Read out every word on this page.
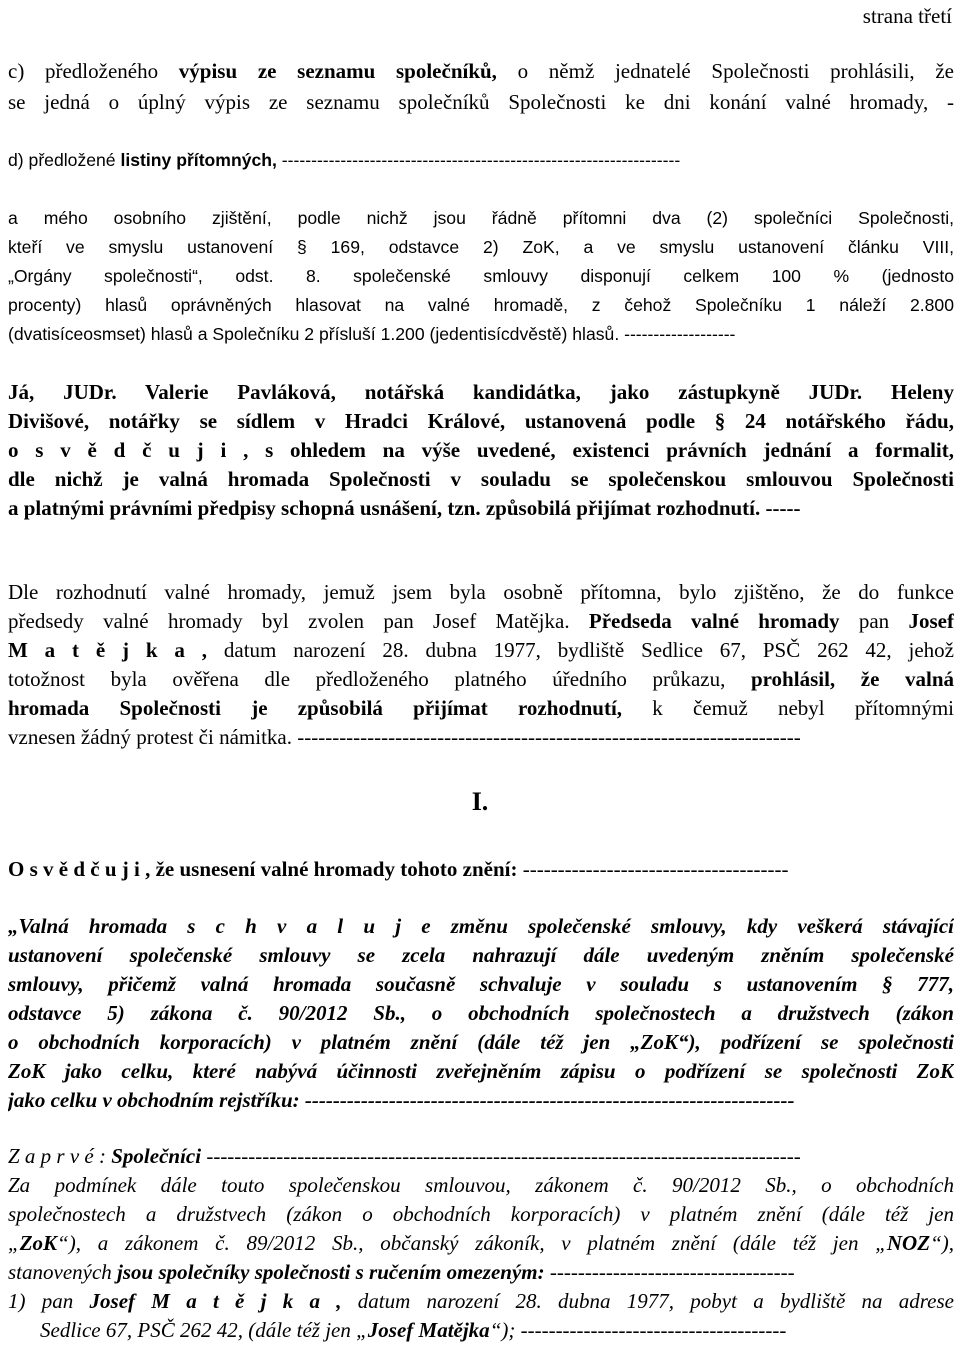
strana třetí
c) předloženého výpisu ze seznamu společníků, o němž jednatelé Společnosti prohlásili, že
se jedná o úplný výpis ze seznamu společníků Společnosti ke dni konání valné hromady, -
d) předložené listiny přítomných, --------------------------------------------------------------------
a mého osobního zjištění, podle nichž jsou řádně přítomni dva (2) společníci Společnosti,
kteří ve smyslu ustanovení § 169, odstavce 2) ZoK, a ve smyslu ustanovení článku VIII,
„Orgány společnosti“, odst. 8. společenské smlouvy disponují celkem 100 % (jednosto
procenty) hlasů oprávněných hlasovat na valné hromadě, z čehož Společníku 1 náleží 2.800
(dvatisíceosmset) hlasů a Společníku 2 přísluší 1.200 (jedentisícdvěstě) hlasů. -------------------
Já, JUDr. Valerie Pavláková, notářská kandidátka, jako zástupkyně JUDr. Heleny
Divišové, notářky se sídlem v Hradci Králové, ustanovená podle § 24 notářského řádu,
o s v ě d č u j i , s ohledem na výše uvedené, existenci právních jednání a formalit,
dle nichž je valná hromada Společnosti v souladu se společenskou smlouvou Společnosti
a platnými právními předpisy schopná usnášení, tzn. způsobilá přijímat rozhodnutí. -----
Dle rozhodnutí valné hromady, jemuž jsem byla osobně přítomna, bylo zjištěno, že do funkce
předsedy valné hromady byl zvolen pan Josef Matějka. Předseda valné hromady pan Josef
M a t ě j k a , datum narození 28. dubna 1977, bydliště Sedlice 67, PSČ 262 42, jehož
totožnost byla ověřena dle předloženého platného úředního průkazu, prohlásil, že valná
hromada Společnosti je způsobilá přijímat rozhodnutí, k čemuž nebyl přítomnými
vznesen žádný protest či námitka. ------------------------------------------------------------------------
I.
O s v ě d č u j i , že usnesení valné hromady tohoto znění: --------------------------------------
„Valná hromada s c h v a l u j e změnu společenské smlouvy, kdy veškerá stávající
ustanovení společenské smlouvy se zcela nahrazují dále uvedeným zněním společenské
smlouvy, přičemž valná hromada současně schvaluje v souladu s ustanovením § 777,
odstavce 5) zákona č. 90/2012 Sb., o obchodních společnostech a družstvech (zákon
o obchodních korporacích) v platném znění (dále též jen „ZoK“), podřízení se společnosti
ZoK jako celku, které nabývá účinnosti zveřejněním zápisu o podřízení se společnosti ZoK
jako celku v obchodním rejstříku: ----------------------------------------------------------------------
Z a p r v é : Společníci -------------------------------------------------------------------------------------
Za podmínek dále touto společenskou smlouvou, zákonem č. 90/2012 Sb., o obchodních
společnostech a družstvech (zákon o obchodních korporacích) v platném znění (dále též jen
„ZoK“), a zákonem č. 89/2012 Sb., občanský zákoník, v platném znění (dále též jen „NOZ“),
stanovených jsou společníky společnosti s ručením omezeným: -----------------------------------
1) pan Josef M a t ě j k a , datum narození 28. dubna 1977, pobyt a bydliště na adrese
Sedlice 67, PSČ 262 42, (dále též jen „Josef Matějka“); --------------------------------------
